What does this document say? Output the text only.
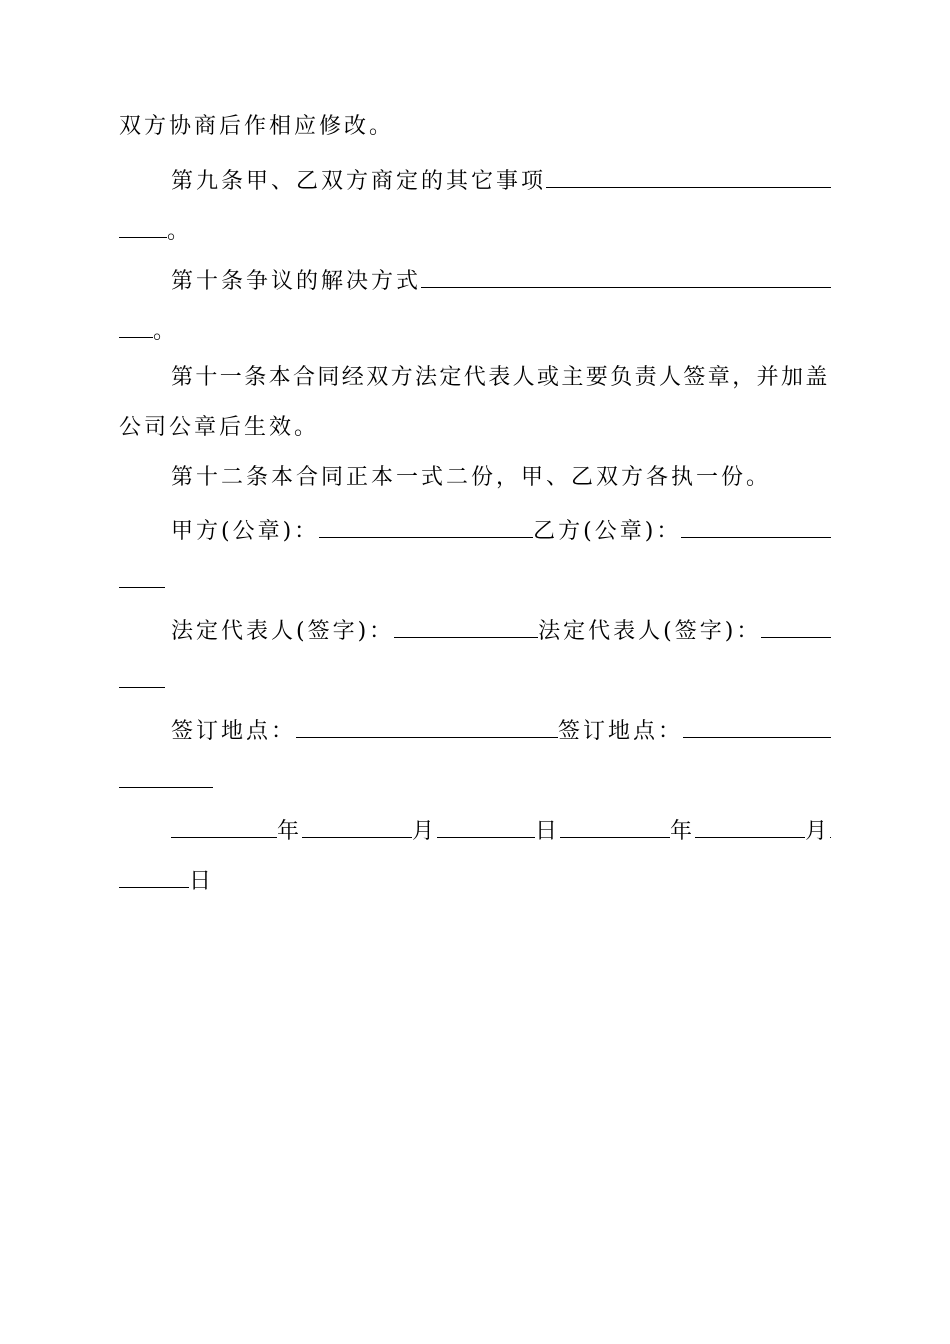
双方协商后作相应修改。
第九条甲、乙双方商定的其它事项
。
第十条争议的解决方式
。
第十一条本合同经双方法定代表人或主要负责人签章，并加盖
公司公章后生效。
第十二条本合同正本一式二份，甲、乙双方各执一份。
甲方(公章)：	乙方(公章)：
法定代表人(签字)：	法定代表人(签字)：
签订地点：	签订地点：
年	月	日	年	月
日
